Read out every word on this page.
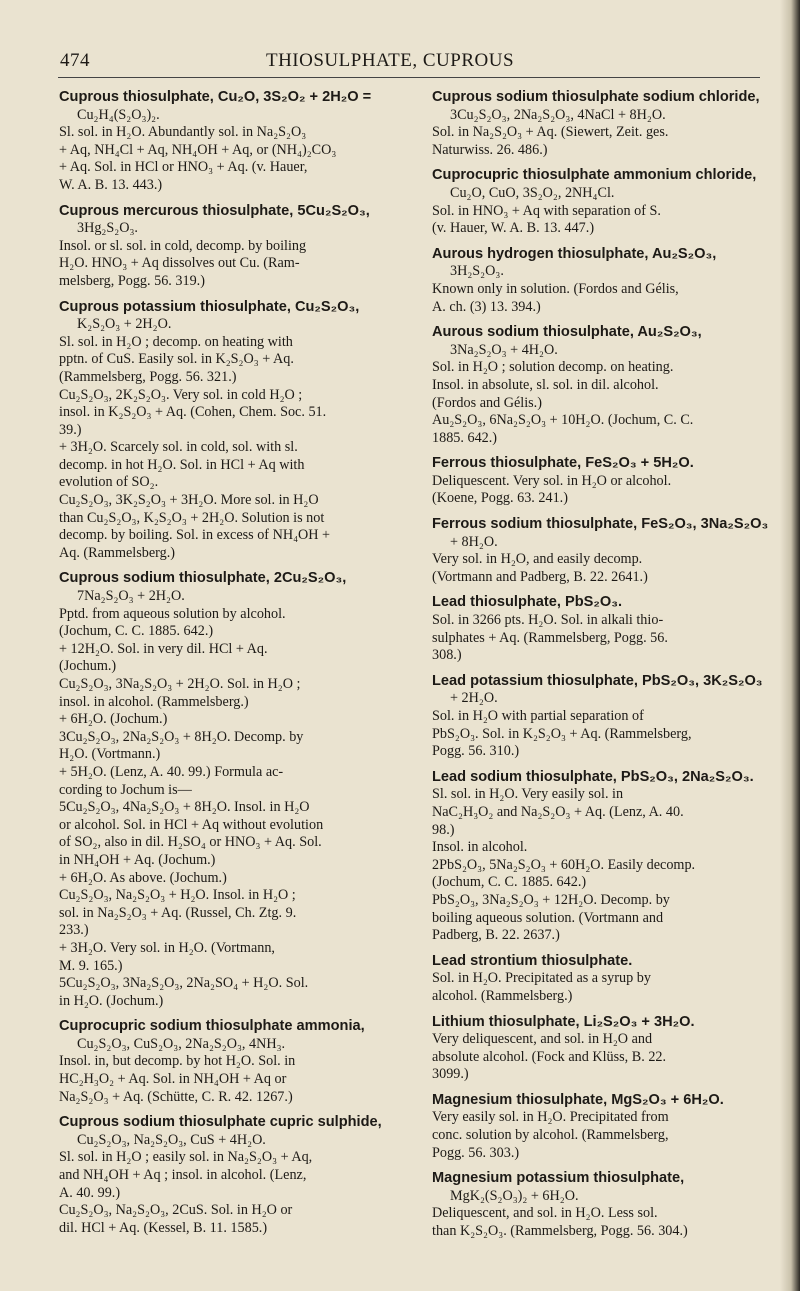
474	THIOSULPHATE, CUPROUS
Cuprous thiosulphate, Cu₂O, 3S₂O₂ + 2H₂O =
Cu₂H₄(S₂O₃)₂.
Sl. sol. in H₂O. Abundantly sol. in Na₂S₂O₃
+ Aq, NH₄Cl + Aq, NH₄OH + Aq, or (NH₄)₂CO₃
+ Aq. Sol. in HCl or HNO₃ + Aq. (v. Hauer,
W. A. B. 13. 443.)
Cuprous mercurous thiosulphate, 5Cu₂S₂O₃,
3Hg₂S₂O₃.
Insol. or sl. sol. in cold, decomp. by boiling
H₂O. HNO₃ + Aq dissolves out Cu. (Ram-
melsberg, Pogg. 56. 319.)
Cuprous potassium thiosulphate, Cu₂S₂O₃,
K₂S₂O₃ + 2H₂O.
Sl. sol. in H₂O ; decomp. on heating with
pptn. of CuS. Easily sol. in K₂S₂O₃ + Aq.
(Rammelsberg, Pogg. 56. 321.)
Cu₂S₂O₃, 2K₂S₂O₃. Very sol. in cold H₂O ;
insol. in K₂S₂O₃ + Aq. (Cohen, Chem. Soc. 51.
39.)
+ 3H₂O. Scarcely sol. in cold, sol. with sl.
decomp. in hot H₂O. Sol. in HCl + Aq with
evolution of SO₂.
Cu₂S₂O₃, 3K₂S₂O₃ + 3H₂O. More sol. in H₂O
than Cu₂S₂O₃, K₂S₂O₃ + 2H₂O. Solution is not
decomp. by boiling. Sol. in excess of NH₄OH +
Aq. (Rammelsberg.)
Cuprous sodium thiosulphate, 2Cu₂S₂O₃,
7Na₂S₂O₃ + 2H₂O.
Pptd. from aqueous solution by alcohol.
(Jochum, C. C. 1885. 642.)
+ 12H₂O. Sol. in very dil. HCl + Aq.
(Jochum.)
Cu₂S₂O₃, 3Na₂S₂O₃ + 2H₂O. Sol. in H₂O ;
insol. in alcohol. (Rammelsberg.)
+ 6H₂O. (Jochum.)
3Cu₂S₂O₃, 2Na₂S₂O₃ + 8H₂O. Decomp. by
H₂O. (Vortmann.)
+ 5H₂O. (Lenz, A. 40. 99.) Formula ac-
cording to Jochum is—
5Cu₂S₂O₃, 4Na₂S₂O₃ + 8H₂O. Insol. in H₂O
or alcohol. Sol. in HCl + Aq without evolution
of SO₂, also in dil. H₂SO₄ or HNO₃ + Aq. Sol.
in NH₄OH + Aq. (Jochum.)
+ 6H₂O. As above. (Jochum.)
Cu₂S₂O₃, Na₂S₂O₃ + H₂O. Insol. in H₂O ;
sol. in Na₂S₂O₃ + Aq. (Russel, Ch. Ztg. 9.
233.)
+ 3H₂O. Very sol. in H₂O. (Vortmann,
M. 9. 165.)
5Cu₂S₂O₃, 3Na₂S₂O₃, 2Na₂SO₄ + H₂O. Sol.
in H₂O. (Jochum.)
Cuprocupric sodium thiosulphate ammonia,
Cu₂S₂O₃, CuS₂O₃, 2Na₂S₂O₃, 4NH₃.
Insol. in, but decomp. by hot H₂O. Sol. in
HC₂H₃O₂ + Aq. Sol. in NH₄OH + Aq or
Na₂S₂O₃ + Aq. (Schütte, C. R. 42. 1267.)
Cuprous sodium thiosulphate cupric sulphide,
Cu₂S₂O₃, Na₂S₂O₃, CuS + 4H₂O.
Sl. sol. in H₂O ; easily sol. in Na₂S₂O₃ + Aq,
and NH₄OH + Aq ; insol. in alcohol. (Lenz,
A. 40. 99.)
Cu₂S₂O₃, Na₂S₂O₃, 2CuS. Sol. in H₂O or
dil. HCl + Aq. (Kessel, B. 11. 1585.)
Cuprous sodium thiosulphate sodium chloride,
3Cu₂S₂O₃, 2Na₂S₂O₃, 4NaCl + 8H₂O.
Sol. in Na₂S₂O₃ + Aq. (Siewert, Zeit. ges.
Naturwiss. 26. 486.)
Cuprocupric thiosulphate ammonium chloride,
Cu₂O, CuO, 3S₂O₂, 2NH₄Cl.
Sol. in HNO₃ + Aq with separation of S.
(v. Hauer, W. A. B. 13. 447.)
Aurous hydrogen thiosulphate, Au₂S₂O₃,
3H₂S₂O₃.
Known only in solution. (Fordos and Gélis,
A. ch. (3) 13. 394.)
Aurous sodium thiosulphate, Au₂S₂O₃,
3Na₂S₂O₃ + 4H₂O.
Sol. in H₂O ; solution decomp. on heating.
Insol. in absolute, sl. sol. in dil. alcohol.
(Fordos and Gélis.)
Au₂S₂O₃, 6Na₂S₂O₃ + 10H₂O. (Jochum, C. C.
1885. 642.)
Ferrous thiosulphate, FeS₂O₃ + 5H₂O.
Deliquescent. Very sol. in H₂O or alcohol.
(Koene, Pogg. 63. 241.)
Ferrous sodium thiosulphate, FeS₂O₃, 3Na₂S₂O₃
+ 8H₂O.
Very sol. in H₂O, and easily decomp.
(Vortmann and Padberg, B. 22. 2641.)
Lead thiosulphate, PbS₂O₃.
Sol. in 3266 pts. H₂O. Sol. in alkali thio-
sulphates + Aq. (Rammelsberg, Pogg. 56.
308.)
Lead potassium thiosulphate, PbS₂O₃, 3K₂S₂O₃
+ 2H₂O.
Sol. in H₂O with partial separation of
PbS₂O₃. Sol. in K₂S₂O₃ + Aq. (Rammelsberg,
Pogg. 56. 310.)
Lead sodium thiosulphate, PbS₂O₃, 2Na₂S₂O₃.
Sl. sol. in H₂O. Very easily sol. in
NaC₂H₃O₂ and Na₂S₂O₃ + Aq. (Lenz, A. 40.
98.)
Insol. in alcohol.
2PbS₂O₃, 5Na₂S₂O₃ + 60H₂O. Easily decomp.
(Jochum, C. C. 1885. 642.)
PbS₂O₃, 3Na₂S₂O₃ + 12H₂O. Decomp. by
boiling aqueous solution. (Vortmann and
Padberg, B. 22. 2637.)
Lead strontium thiosulphate.
Sol. in H₂O. Precipitated as a syrup by
alcohol. (Rammelsberg.)
Lithium thiosulphate, Li₂S₂O₃ + 3H₂O.
Very deliquescent, and sol. in H₂O and
absolute alcohol. (Fock and Klüss, B. 22.
3099.)
Magnesium thiosulphate, MgS₂O₃ + 6H₂O.
Very easily sol. in H₂O. Precipitated from
conc. solution by alcohol. (Rammelsberg,
Pogg. 56. 303.)
Magnesium potassium thiosulphate,
MgK₂(S₂O₃)₂ + 6H₂O.
Deliquescent, and sol. in H₂O. Less sol.
than K₂S₂O₃. (Rammelsberg, Pogg. 56. 304.)
